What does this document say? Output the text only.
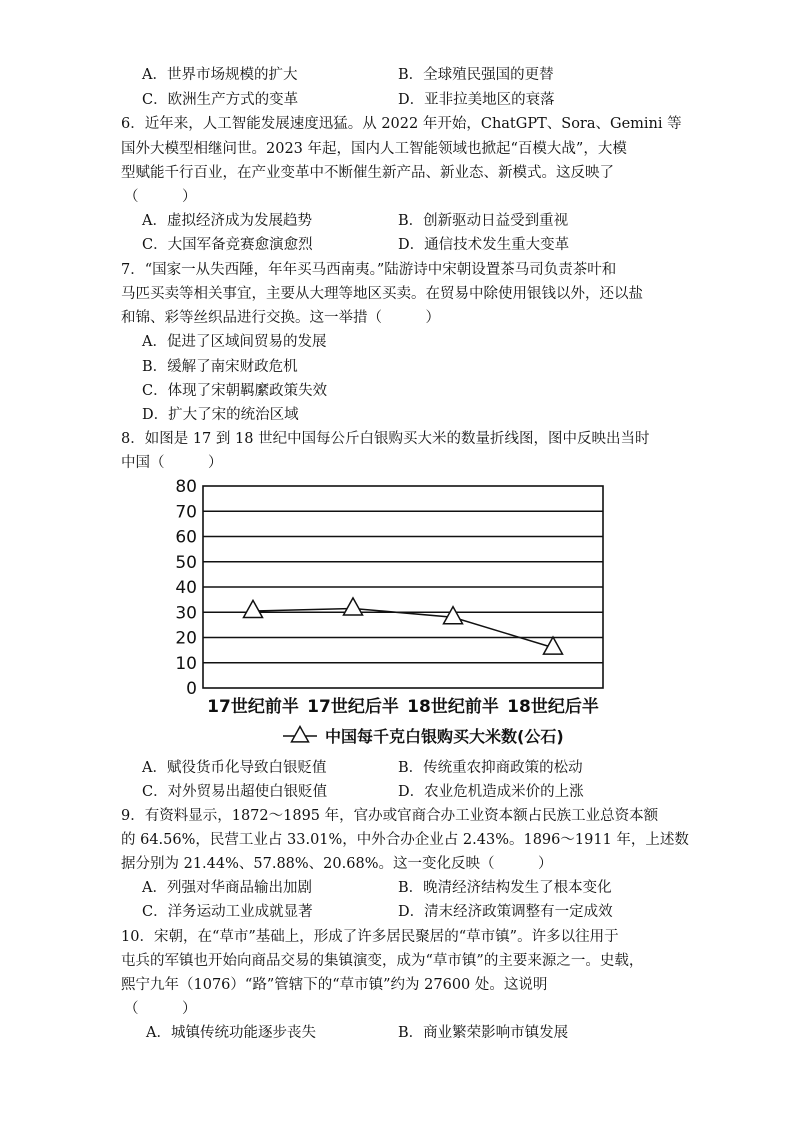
A．世界市场规模的扩大	B．全球殖民强国的更替
C．欧洲生产方式的变革	D．亚非拉美地区的衰落
6．近年来，人工智能发展速度迅猛。从 2022 年开始，ChatGPT、Sora、Gemini 等
国外大模型相继问世。2023 年起，国内人工智能领域也掀起“百模大战”，大模
型赋能千行百业，在产业变革中不断催生新产品、新业态、新模式。这反映了
（　　　）
A．虚拟经济成为发展趋势	B．创新驱动日益受到重视
C．大国军备竞赛愈演愈烈	D．通信技术发生重大变革
7．“国家一从失西陲，年年买马西南夷。”陆游诗中宋朝设置茶马司负责茶叶和
马匹买卖等相关事宜，主要从大理等地区买卖。在贸易中除使用银钱以外，还以盐
和锦、彩等丝织品进行交换。这一举措（　　　）
A．促进了区域间贸易的发展
B．缓解了南宋财政危机
C．体现了宋朝羁縻政策失效
D．扩大了宋的统治区域
8．如图是 17 到 18 世纪中国每公斤白银购买大米的数量折线图，图中反映出当时
中国（　　　）
0
10
20
30
40
50
60
70
80
17世纪前半 17世纪后半 18世纪前半 18世纪后半
中国每千克白银购买大米数(公石)
A．赋役货币化导致白银贬值	B．传统重农抑商政策的松动
C．对外贸易出超使白银贬值	D．农业危机造成米价的上涨
9．有资料显示，1872～1895 年，官办或官商合办工业资本额占民族工业总资本额
的 64.56%，民营工业占 33.01%，中外合办企业占 2.43%。1896～1911 年，上述数
据分别为 21.44%、57.88%、20.68%。这一变化反映（　　　）
A．列强对华商品输出加剧	B．晚清经济结构发生了根本变化
C．洋务运动工业成就显著	D．清末经济政策调整有一定成效
10．宋朝，在“草市”基础上，形成了许多居民聚居的“草市镇”。许多以往用于
屯兵的军镇也开始向商品交易的集镇演变，成为“草市镇”的主要来源之一。史载，
熙宁九年（1076）“路”管辖下的“草市镇”约为 27600 处。这说明
（　　　）
A．城镇传统功能逐步丧失	B．商业繁荣影响市镇发展
